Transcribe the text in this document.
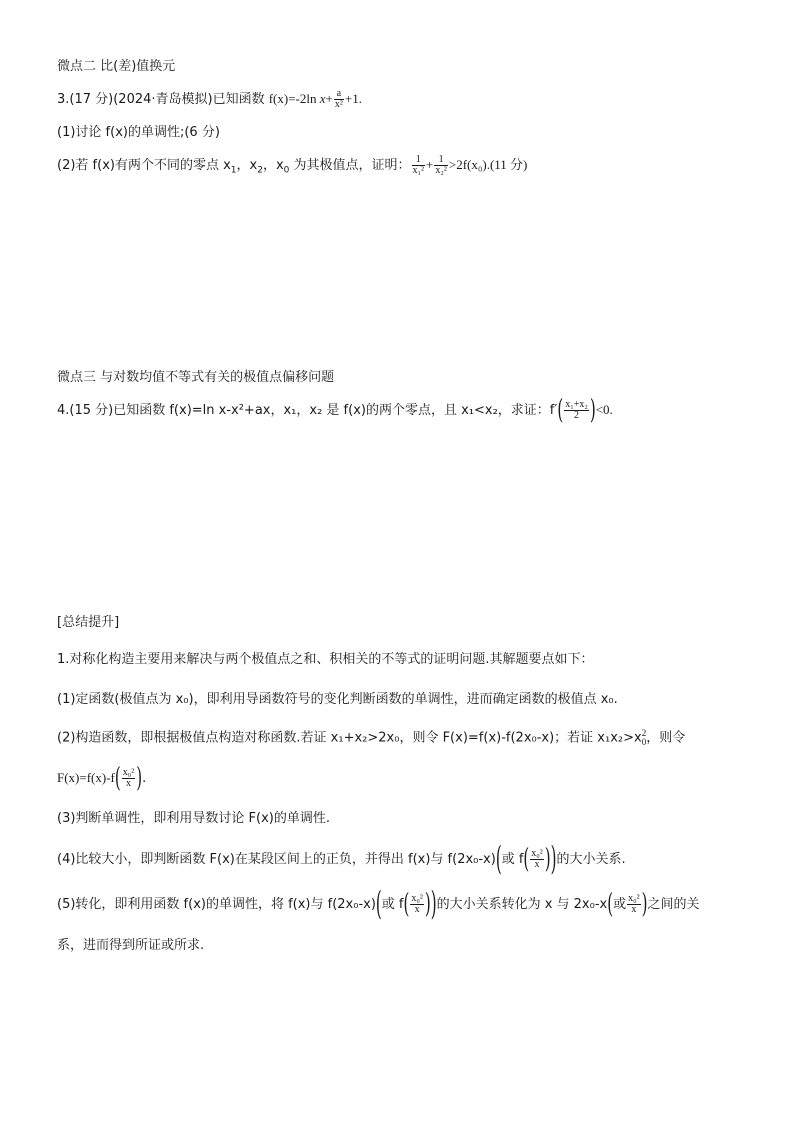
微点二 比(差)值换元
3.(17 分)(2024·青岛模拟)已知函数 f(x)=-2ln $x+ \frac{a}{\text{x²}} +1$.
(1)讨论 f(x)的单调性;(6 分)
(2)若 f(x)有两个不同的零点 $x_1$，$x_2$，$x_0$ 为其极值点，证明： $\frac{1}{\text{x₁²}} + \frac{1}{\text{x₂²}} >2f(x_0).(11$ 分)
微点三 与对数均值不等式有关的极值点偏移问题
4.(15 分)已知函数 f(x)=ln x-x²+ax，x₁，x₂ 是 f(x)的两个零点，且 x₁<x₂，求证：$f'( \frac{\text{x₁+x₂}}{2} )<0$.
[总结提升]
1.对称化构造主要用来解决与两个极值点之和、积相关的不等式的证明问题.其解题要点如下：
(1)定函数(极值点为 x₀)，即利用导函数符号的变化判断函数的单调性，进而确定函数的极值点 x₀.
(2)构造函数，即根据极值点构造对称函数.若证 x₁+x₂>2x₀，则令 F(x)=f(x)-f(2x₀-x)；若证 x₁x₂>x 2
0 ，则令
$F(x)=f(x)-f( \frac{\text{x₀²}}{x}$ ).
(3)判断单调性，即利用导数讨论 F(x)的单调性.
(4)比较大小，即判断函数 F(x)在某段区间上的正负，并得出 f(x)与 f(2x₀-x)(或 $f( \frac{\text{x₀²}}{x}$ ))的大小关系.
(5)转化，即利用函数 f(x)的单调性，将 f(x)与 f(2x₀-x)(或 $f( \frac{\text{x₀²}}{x}$ ))的大小关系转化为 x 与 2x₀-x(或 $\frac{\text{x₀²}}{x}$ )之间的关
系，进而得到所证或所求.
